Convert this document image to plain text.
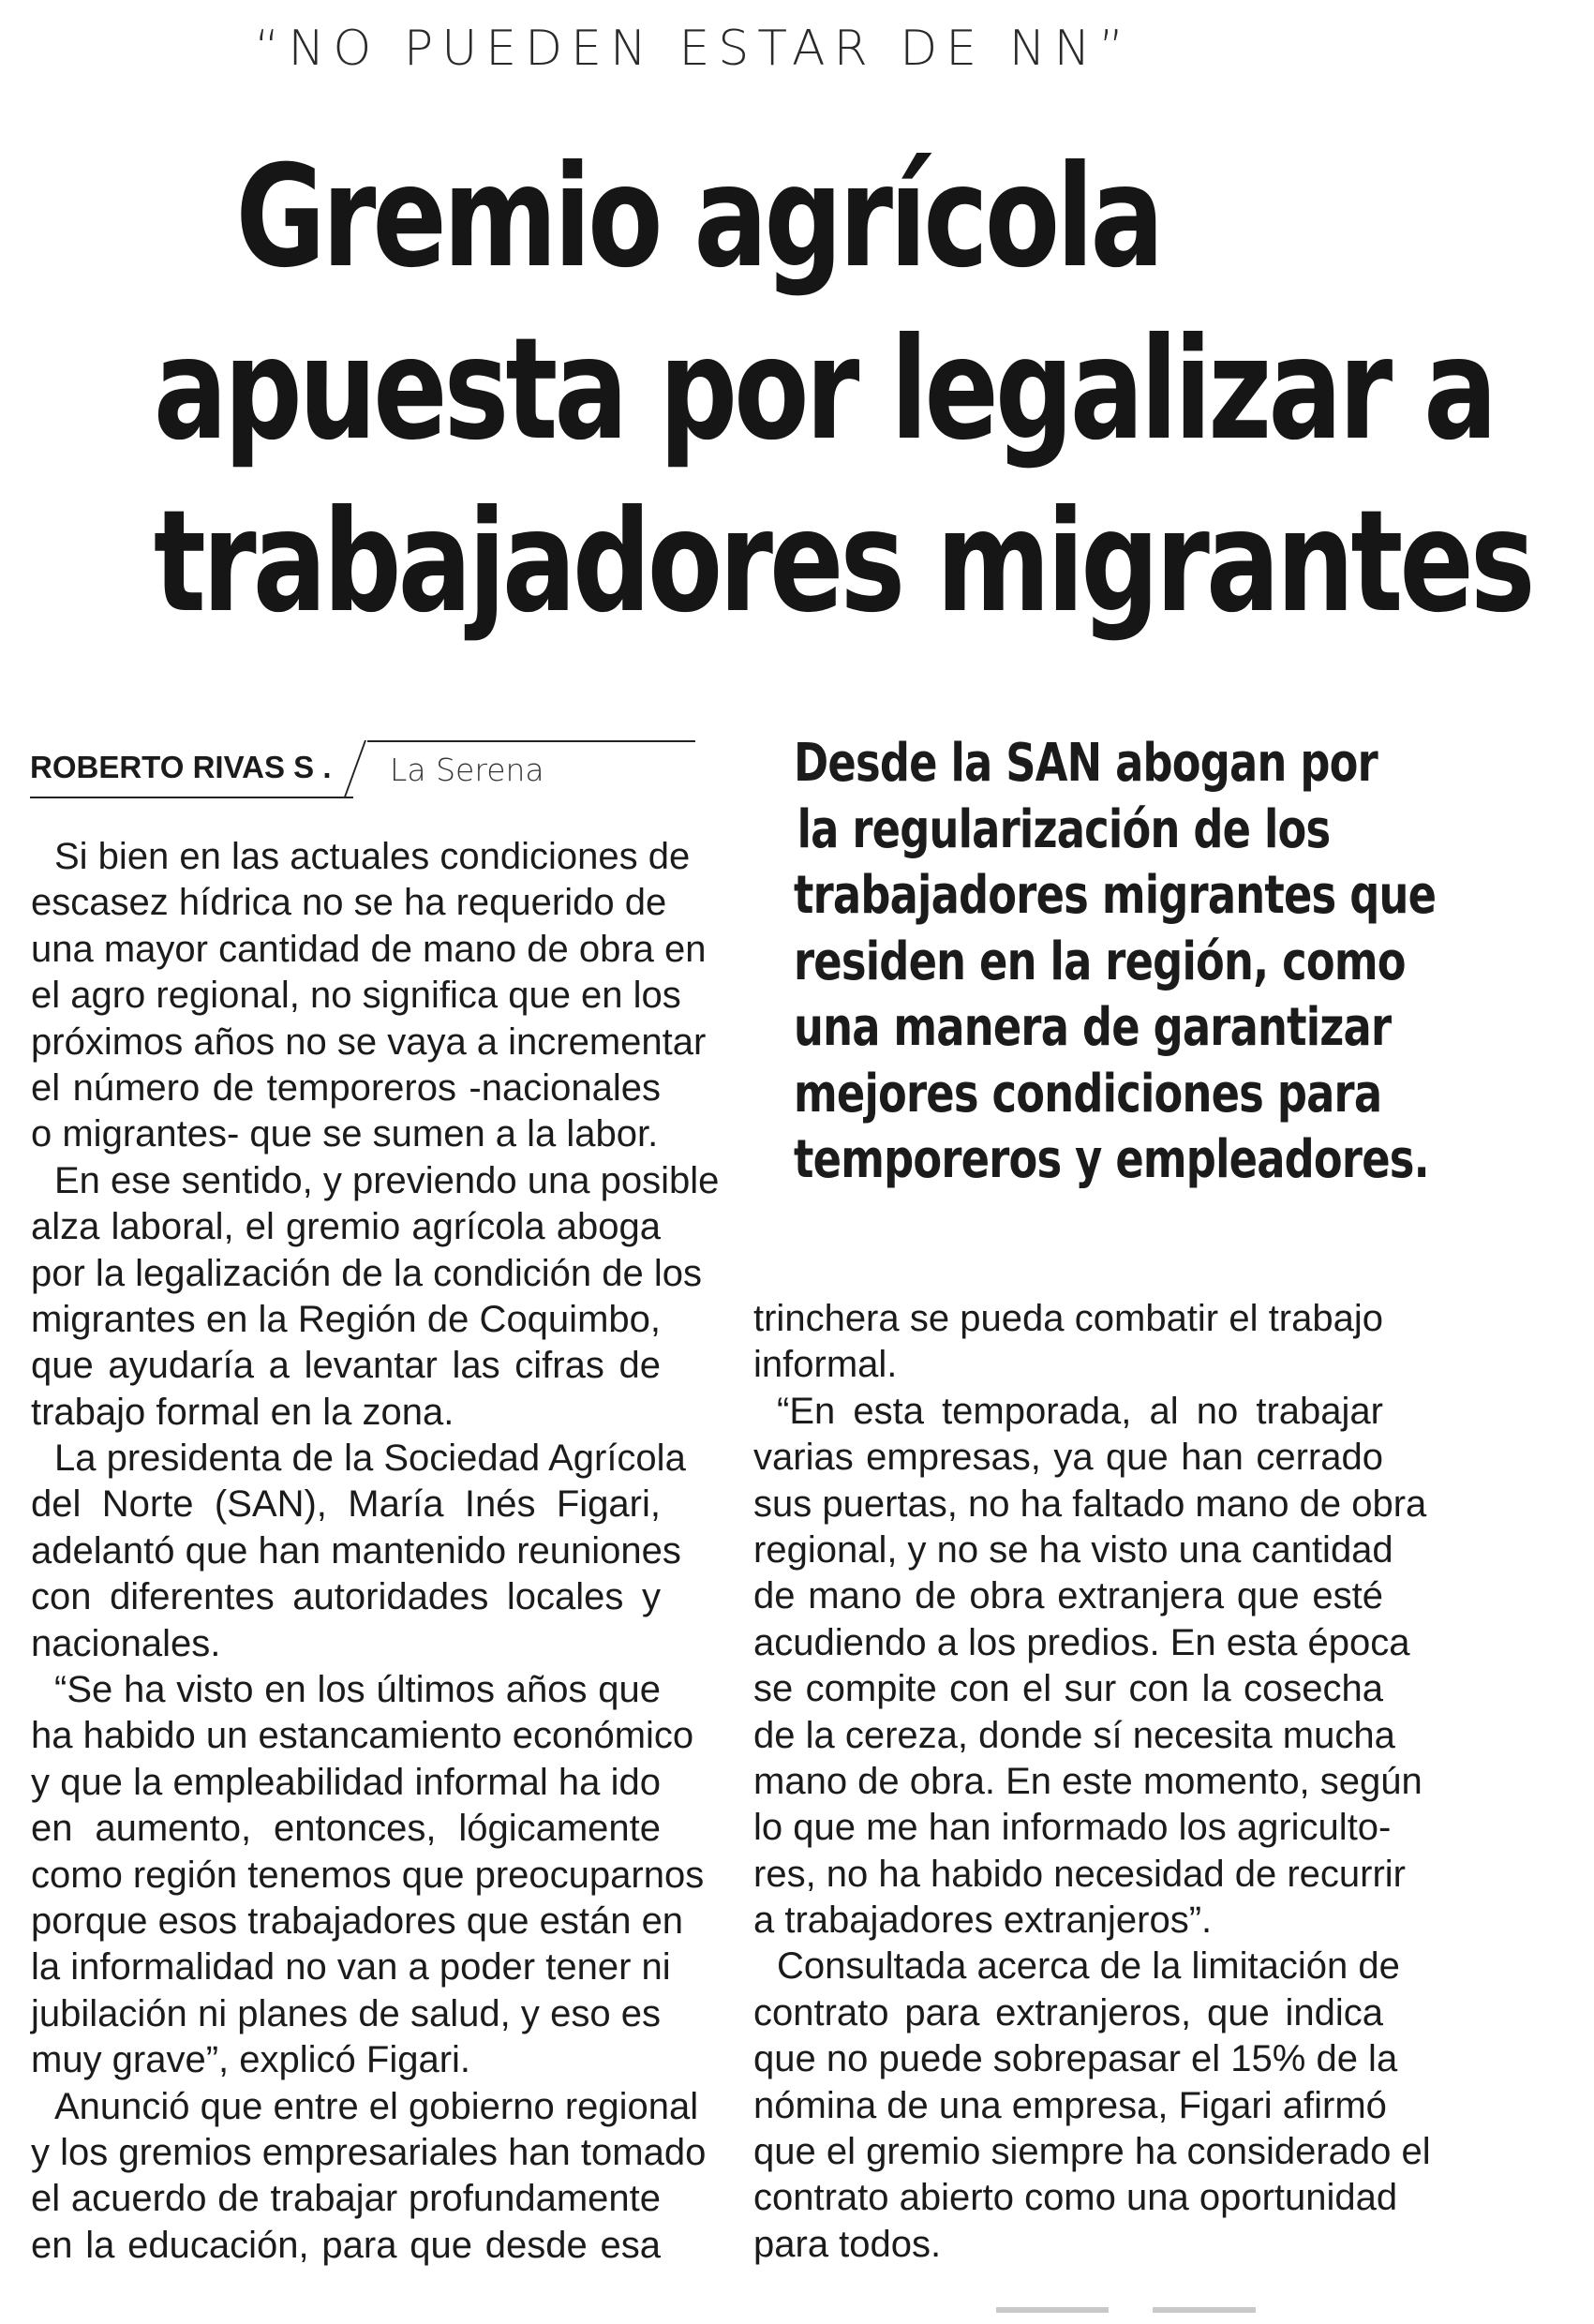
“NO PUEDEN ESTAR DE NN”
Gremio agrícola
apuesta por legalizar a
trabajadores migrantes
ROBERTO RIVAS S . La Serena
Si bien en las actuales condiciones de
escasez hídrica no se ha requerido de
una mayor cantidad de mano de obra en
el agro regional, no significa que en los
próximos años no se vaya a incrementar
el número de temporeros -nacionales
o migrantes- que se sumen a la labor.
En ese sentido, y previendo una posible
alza laboral, el gremio agrícola aboga
por la legalización de la condición de los
migrantes en la Región de Coquimbo,
que ayudaría a levantar las cifras de
trabajo formal en la zona.
La presidenta de la Sociedad Agrícola
del Norte (SAN), María Inés Figari,
adelantó que han mantenido reuniones
con diferentes autoridades locales y
nacionales.
“Se ha visto en los últimos años que
ha habido un estancamiento económico
y que la empleabilidad informal ha ido
en aumento, entonces, lógicamente
como región tenemos que preocuparnos
porque esos trabajadores que están en
la informalidad no van a poder tener ni
jubilación ni planes de salud, y eso es
muy grave”, explicó Figari.
Anunció que entre el gobierno regional
y los gremios empresariales han tomado
el acuerdo de trabajar profundamente
en la educación, para que desde esa
Desde la SAN abogan por
la regularización de los
trabajadores migrantes que
residen en la región, como
una manera de garantizar
mejores condiciones para
temporeros y empleadores.
trinchera se pueda combatir el trabajo
informal.
“En esta temporada, al no trabajar
varias empresas, ya que han cerrado
sus puertas, no ha faltado mano de obra
regional, y no se ha visto una cantidad
de mano de obra extranjera que esté
acudiendo a los predios. En esta época
se compite con el sur con la cosecha
de la cereza, donde sí necesita mucha
mano de obra. En este momento, según
lo que me han informado los agriculto-
res, no ha habido necesidad de recurrir
a trabajadores extranjeros”.
Consultada acerca de la limitación de
contrato para extranjeros, que indica
que no puede sobrepasar el 15% de la
nómina de una empresa, Figari afirmó
que el gremio siempre ha considerado el
contrato abierto como una oportunidad
para todos.
